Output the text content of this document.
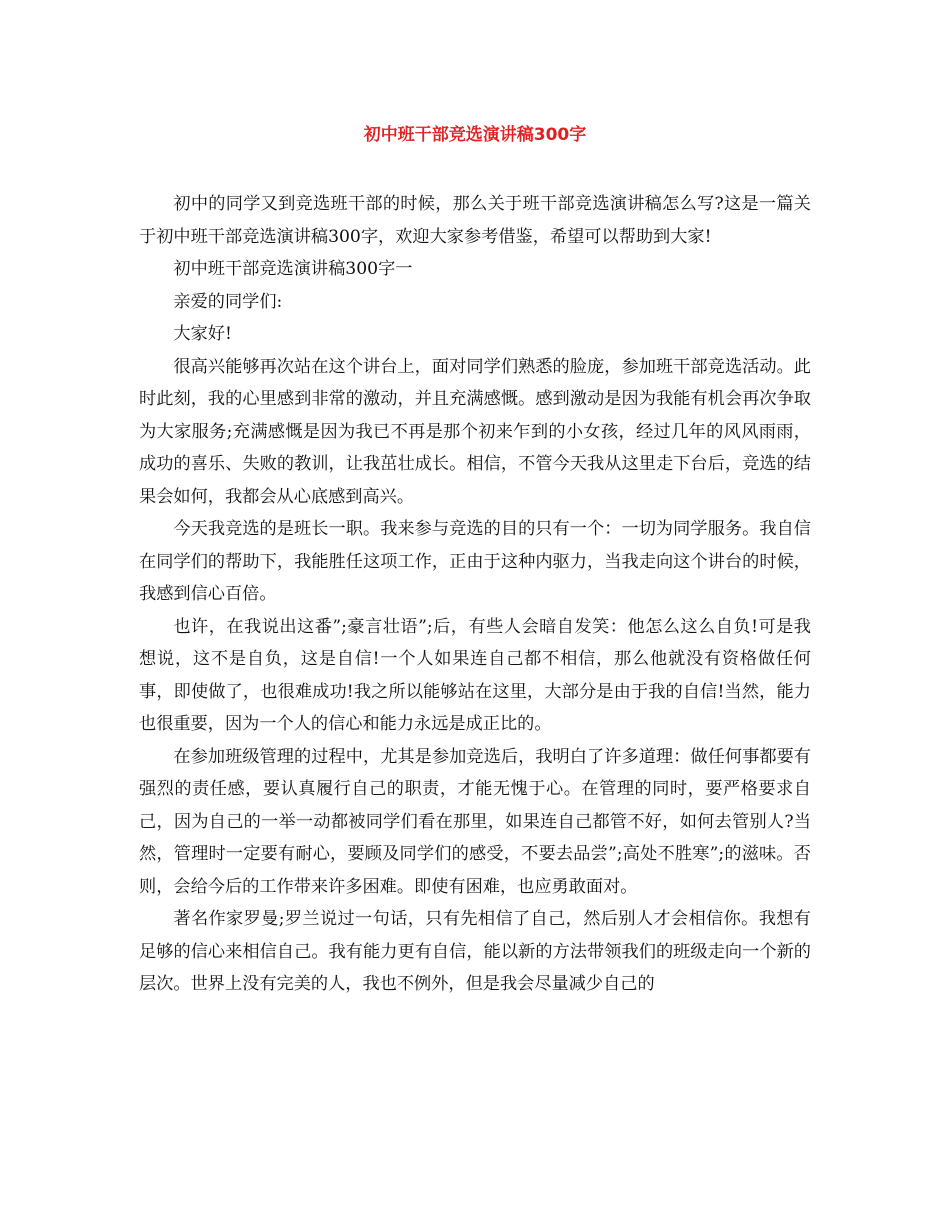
初中班干部竞选演讲稿300字

初中的同学又到竞选班干部的时候，那么关于班干部竞选演讲稿怎么写?这是一篇关于初中班干部竞选演讲稿300字，欢迎大家参考借鉴，希望可以帮助到大家!

初中班干部竞选演讲稿300字一

亲爱的同学们:

大家好!

很高兴能够再次站在这个讲台上，面对同学们熟悉的脸庞，参加班干部竞选活动。此时此刻，我的心里感到非常的激动，并且充满感慨。感到激动是因为我能有机会再次争取为大家服务;充满感慨是因为我已不再是那个初来乍到的小女孩，经过几年的风风雨雨，成功的喜乐、失败的教训，让我茁壮成长。相信，不管今天我从这里走下台后，竞选的结果会如何，我都会从心底感到高兴。

今天我竞选的是班长一职。我来参与竞选的目的只有一个：一切为同学服务。我自信在同学们的帮助下，我能胜任这项工作，正由于这种内驱力，当我走向这个讲台的时候，我感到信心百倍。

也许，在我说出这番”;豪言壮语”;后，有些人会暗自发笑：他怎么这么自负!可是我想说，这不是自负，这是自信!一个人如果连自己都不相信，那么他就没有资格做任何事，即使做了，也很难成功!我之所以能够站在这里，大部分是由于我的自信!当然，能力也很重要，因为一个人的信心和能力永远是成正比的。

在参加班级管理的过程中，尤其是参加竞选后，我明白了许多道理：做任何事都要有强烈的责任感，要认真履行自己的职责，才能无愧于心。在管理的同时，要严格要求自己，因为自己的一举一动都被同学们看在那里，如果连自己都管不好，如何去管别人?当然，管理时一定要有耐心，要顾及同学们的感受，不要去品尝”;高处不胜寒”;的滋味。否则，会给今后的工作带来许多困难。即使有困难，也应勇敢面对。

著名作家罗曼;罗兰说过一句话，只有先相信了自己，然后别人才会相信你。我想有足够的信心来相信自己。我有能力更有自信，能以新的方法带领我们的班级走向一个新的层次。世界上没有完美的人，我也不例外，但是我会尽量减少自己的
